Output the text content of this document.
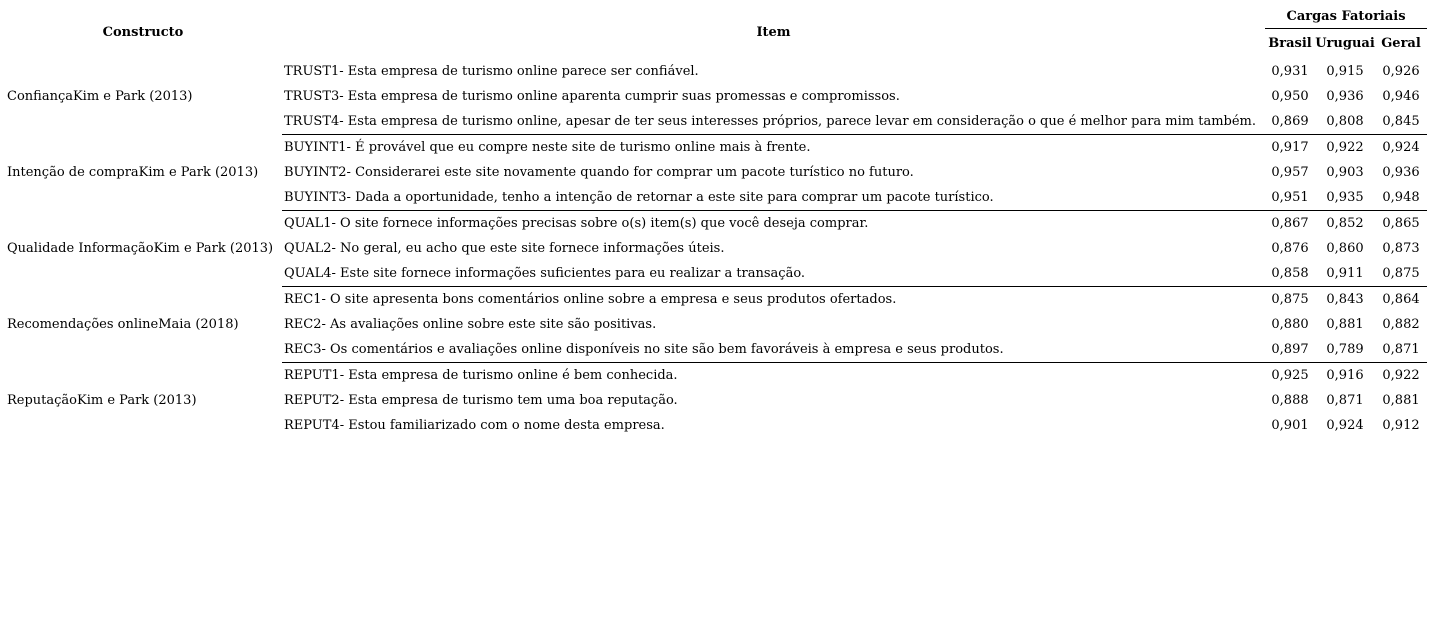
Constructo	Item	Cargas Fatoriais		
		Brasil	Uruguai	Geral
ConfiançaKim e Park (2013)	TRUST1- Esta empresa de turismo online parece ser confiável.	0,931	0,915	0,926
	TRUST3- Esta empresa de turismo online aparenta cumprir suas promessas e compromissos.	0,950	0,936	0,946
	TRUST4- Esta empresa de turismo online, apesar de ter seus interesses próprios, parece levar em consideração o que é melhor para mim também.	0,869	0,808	0,845
Intenção de compraKim e Park (2013)	BUYINT1- É provável que eu compre neste site de turismo online mais à frente.	0,917	0,922	0,924
	BUYINT2- Considerarei este site novamente quando for comprar um pacote turístico no futuro.	0,957	0,903	0,936
	BUYINT3- Dada a oportunidade, tenho a intenção de retornar a este site para comprar um pacote turístico.	0,951	0,935	0,948
Qualidade InformaçãoKim e Park (2013)	QUAL1- O site fornece informações precisas sobre o(s) item(s) que você deseja comprar.	0,867	0,852	0,865
	QUAL2- No geral, eu acho que este site fornece informações úteis.	0,876	0,860	0,873
	QUAL4- Este site fornece informações suficientes para eu realizar a transação.	0,858	0,911	0,875
Recomendações onlineMaia (2018)	REC1- O site apresenta bons comentários online sobre a empresa e seus produtos ofertados.	0,875	0,843	0,864
	REC2- As avaliações online sobre este site são positivas.	0,880	0,881	0,882
	REC3- Os comentários e avaliações online disponíveis no site são bem favoráveis à empresa e seus produtos.	0,897	0,789	0,871
ReputaçãoKim e Park (2013)	REPUT1- Esta empresa de turismo online é bem conhecida.	0,925	0,916	0,922
	REPUT2- Esta empresa de turismo tem uma boa reputação.	0,888	0,871	0,881
	REPUT4- Estou familiarizado com o nome desta empresa.	0,901	0,924	0,912
